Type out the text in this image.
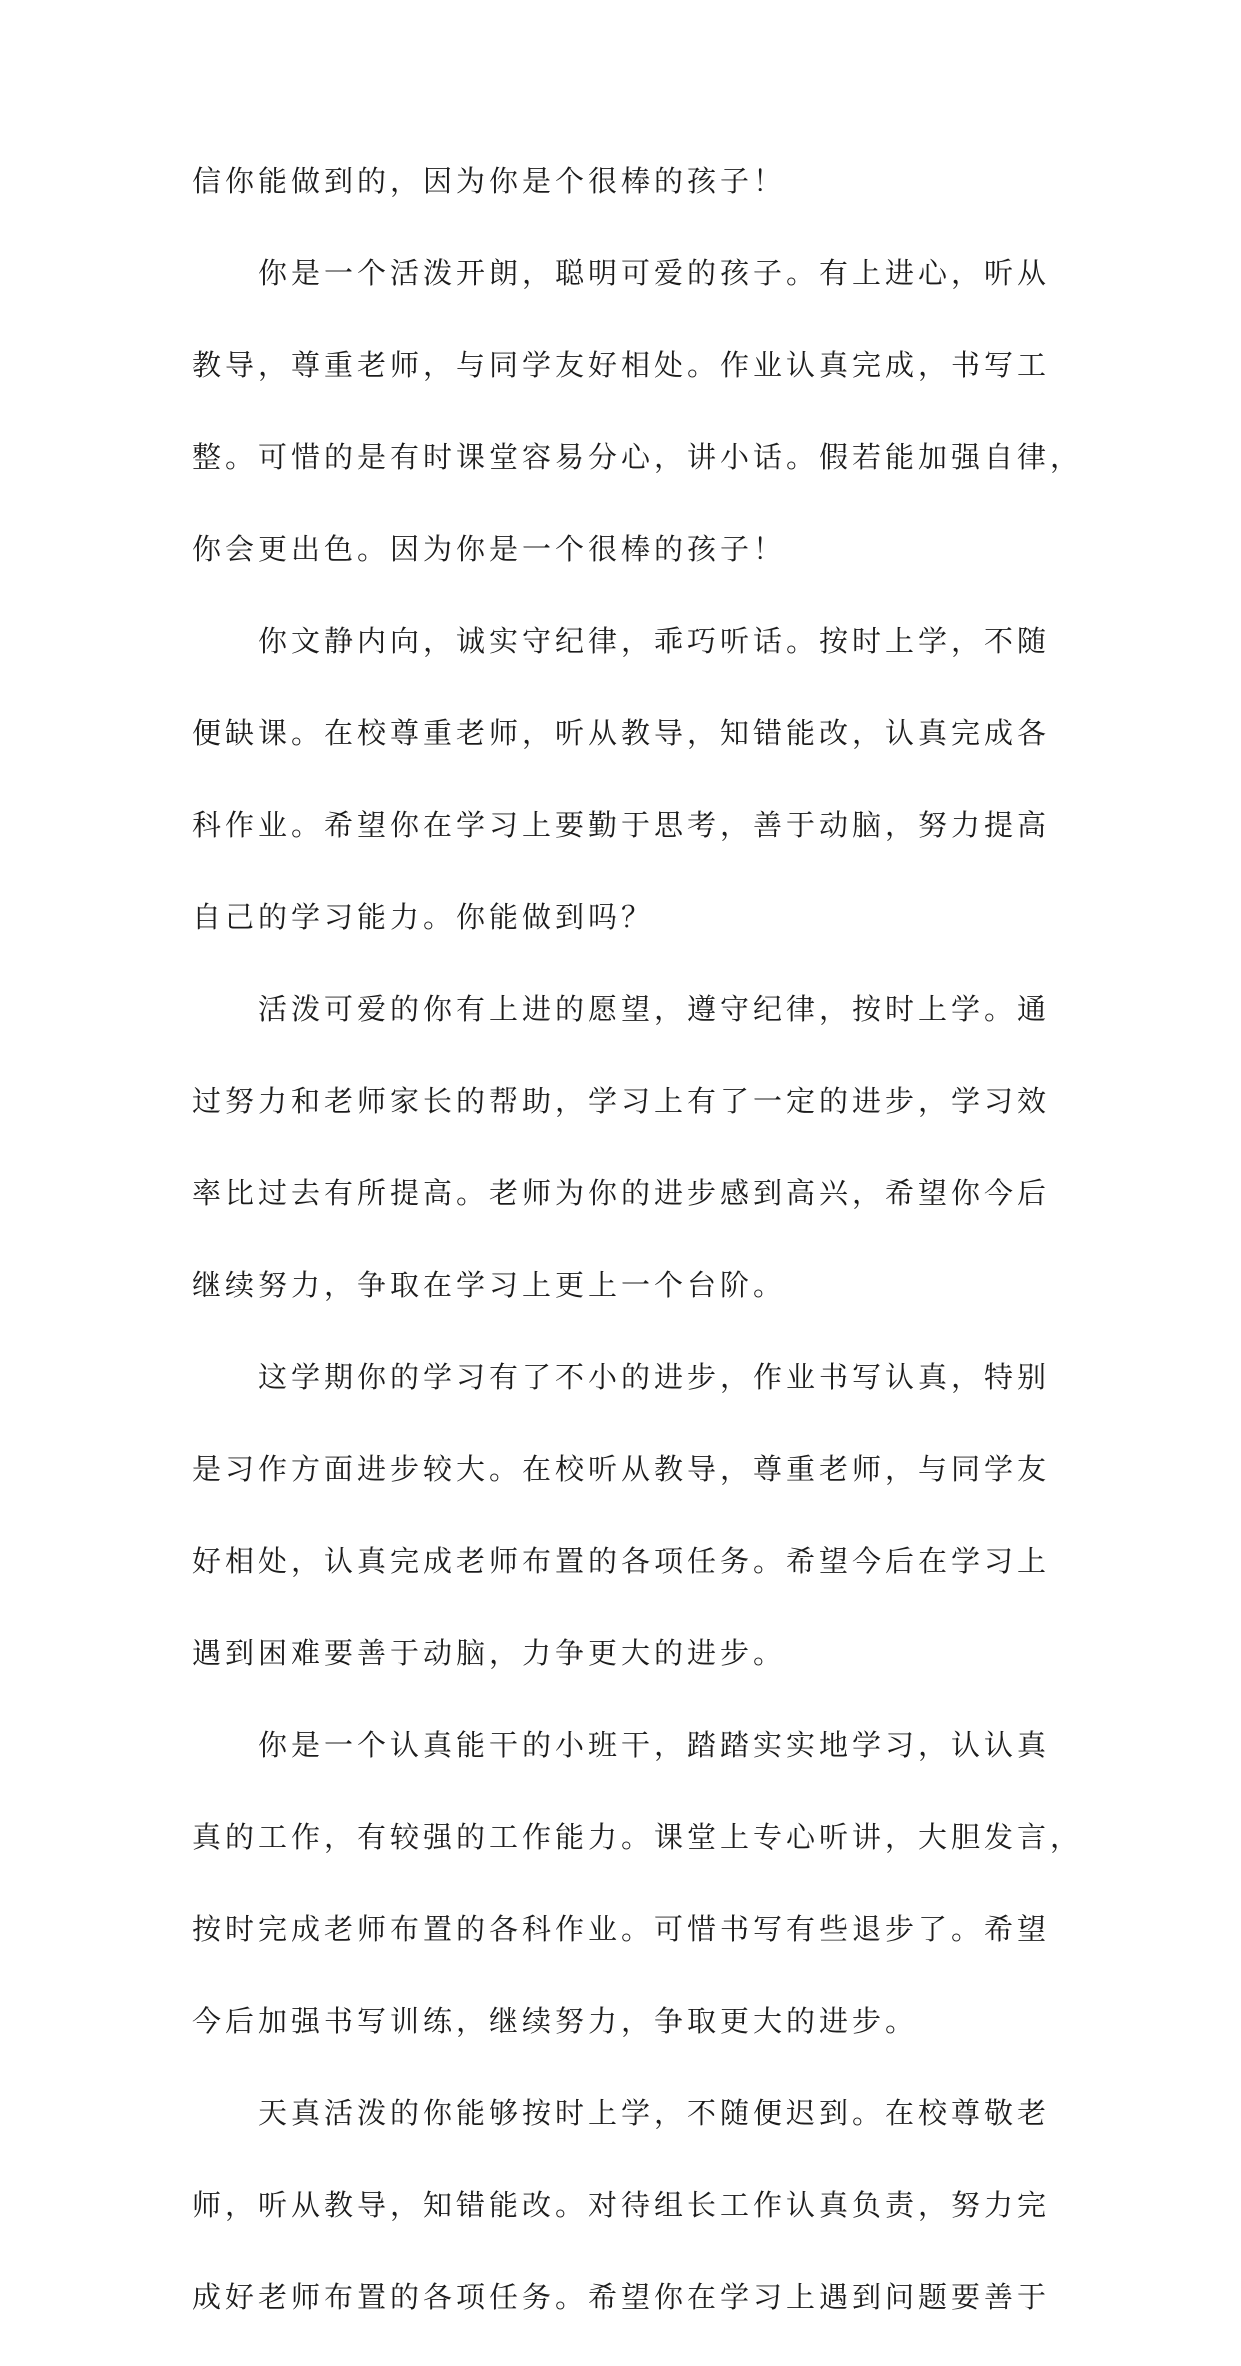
信你能做到的，因为你是个很棒的孩子！
你是一个活泼开朗，聪明可爱的孩子。有上进心，听从
教导，尊重老师，与同学友好相处。作业认真完成，书写工
整。可惜的是有时课堂容易分心，讲小话。假若能加强自律，
你会更出色。因为你是一个很棒的孩子！
你文静内向，诚实守纪律，乖巧听话。按时上学，不随
便缺课。在校尊重老师，听从教导，知错能改，认真完成各
科作业。希望你在学习上要勤于思考，善于动脑，努力提高
自己的学习能力。你能做到吗？
活泼可爱的你有上进的愿望，遵守纪律，按时上学。通
过努力和老师家长的帮助，学习上有了一定的进步，学习效
率比过去有所提高。老师为你的进步感到高兴，希望你今后
继续努力，争取在学习上更上一个台阶。
这学期你的学习有了不小的进步，作业书写认真，特别
是习作方面进步较大。在校听从教导，尊重老师，与同学友
好相处，认真完成老师布置的各项任务。希望今后在学习上
遇到困难要善于动脑，力争更大的进步。
你是一个认真能干的小班干，踏踏实实地学习，认认真
真的工作，有较强的工作能力。课堂上专心听讲，大胆发言，
按时完成老师布置的各科作业。可惜书写有些退步了。希望
今后加强书写训练，继续努力，争取更大的进步。
天真活泼的你能够按时上学，不随便迟到。在校尊敬老
师，听从教导，知错能改。对待组长工作认真负责，努力完
成好老师布置的各项任务。希望你在学习上遇到问题要善于
